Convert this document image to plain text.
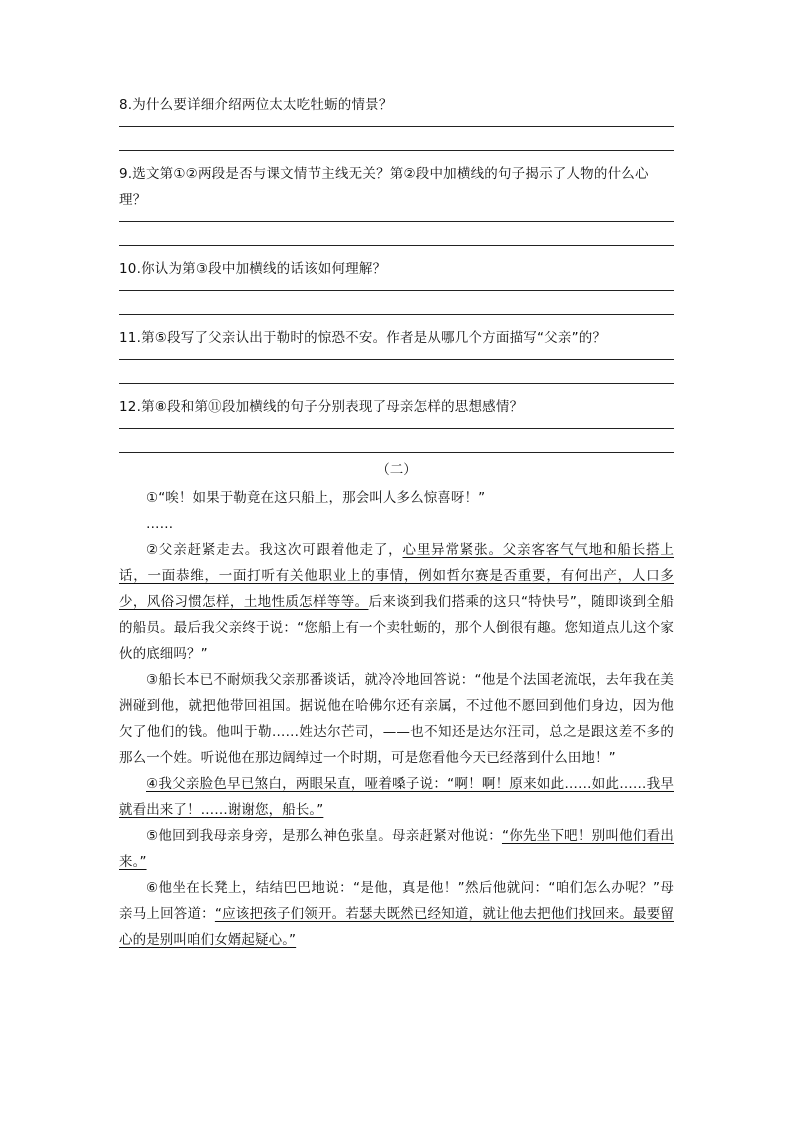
8.为什么要详细介绍两位太太吃牡蛎的情景？

9.选文第①②两段是否与课文情节主线无关？第②段中加横线的句子揭示了人物的什么心理？

10.你认为第③段中加横线的话该如何理解？

11.第⑤段写了父亲认出于勒时的惊恐不安。作者是从哪几个方面描写“父亲”的？

12.第⑧段和第⑪段加横线的句子分别表现了母亲怎样的思想感情？

（二）

①“唉！如果于勒竟在这只船上，那会叫人多么惊喜呀！”

……

②父亲赶紧走去。我这次可跟着他走了，心里异常紧张。父亲客客气气地和船长搭上话，一面恭维，一面打听有关他职业上的事情，例如哲尔赛是否重要，有何出产，人口多少，风俗习惯怎样，土地性质怎样等等。后来谈到我们搭乘的这只“特快号”，随即谈到全船的船员。最后我父亲终于说：“您船上有一个卖牡蛎的，那个人倒很有趣。您知道点儿这个家伙的底细吗？”

③船长本已不耐烦我父亲那番谈话，就冷冷地回答说：“他是个法国老流氓，去年我在美洲碰到他，就把他带回祖国。据说他在哈佛尔还有亲属，不过他不愿回到他们身边，因为他欠了他们的钱。他叫于勒……姓达尔芒司，——也不知还是达尔汪司，总之是跟这差不多的那么一个姓。听说他在那边阔绰过一个时期，可是您看他今天已经落到什么田地！”

④我父亲脸色早已煞白，两眼呆直，哑着嗓子说：“啊！啊！原来如此……如此……我早就看出来了！……谢谢您，船长。”

⑤他回到我母亲身旁，是那么神色张皇。母亲赶紧对他说：“你先坐下吧！别叫他们看出来。”

⑥他坐在长凳上，结结巴巴地说：“是他，真是他！”然后他就问：“咱们怎么办呢？”母亲马上回答道：“应该把孩子们领开。若瑟夫既然已经知道，就让他去把他们找回来。最要留心的是别叫咱们女婿起疑心。”
